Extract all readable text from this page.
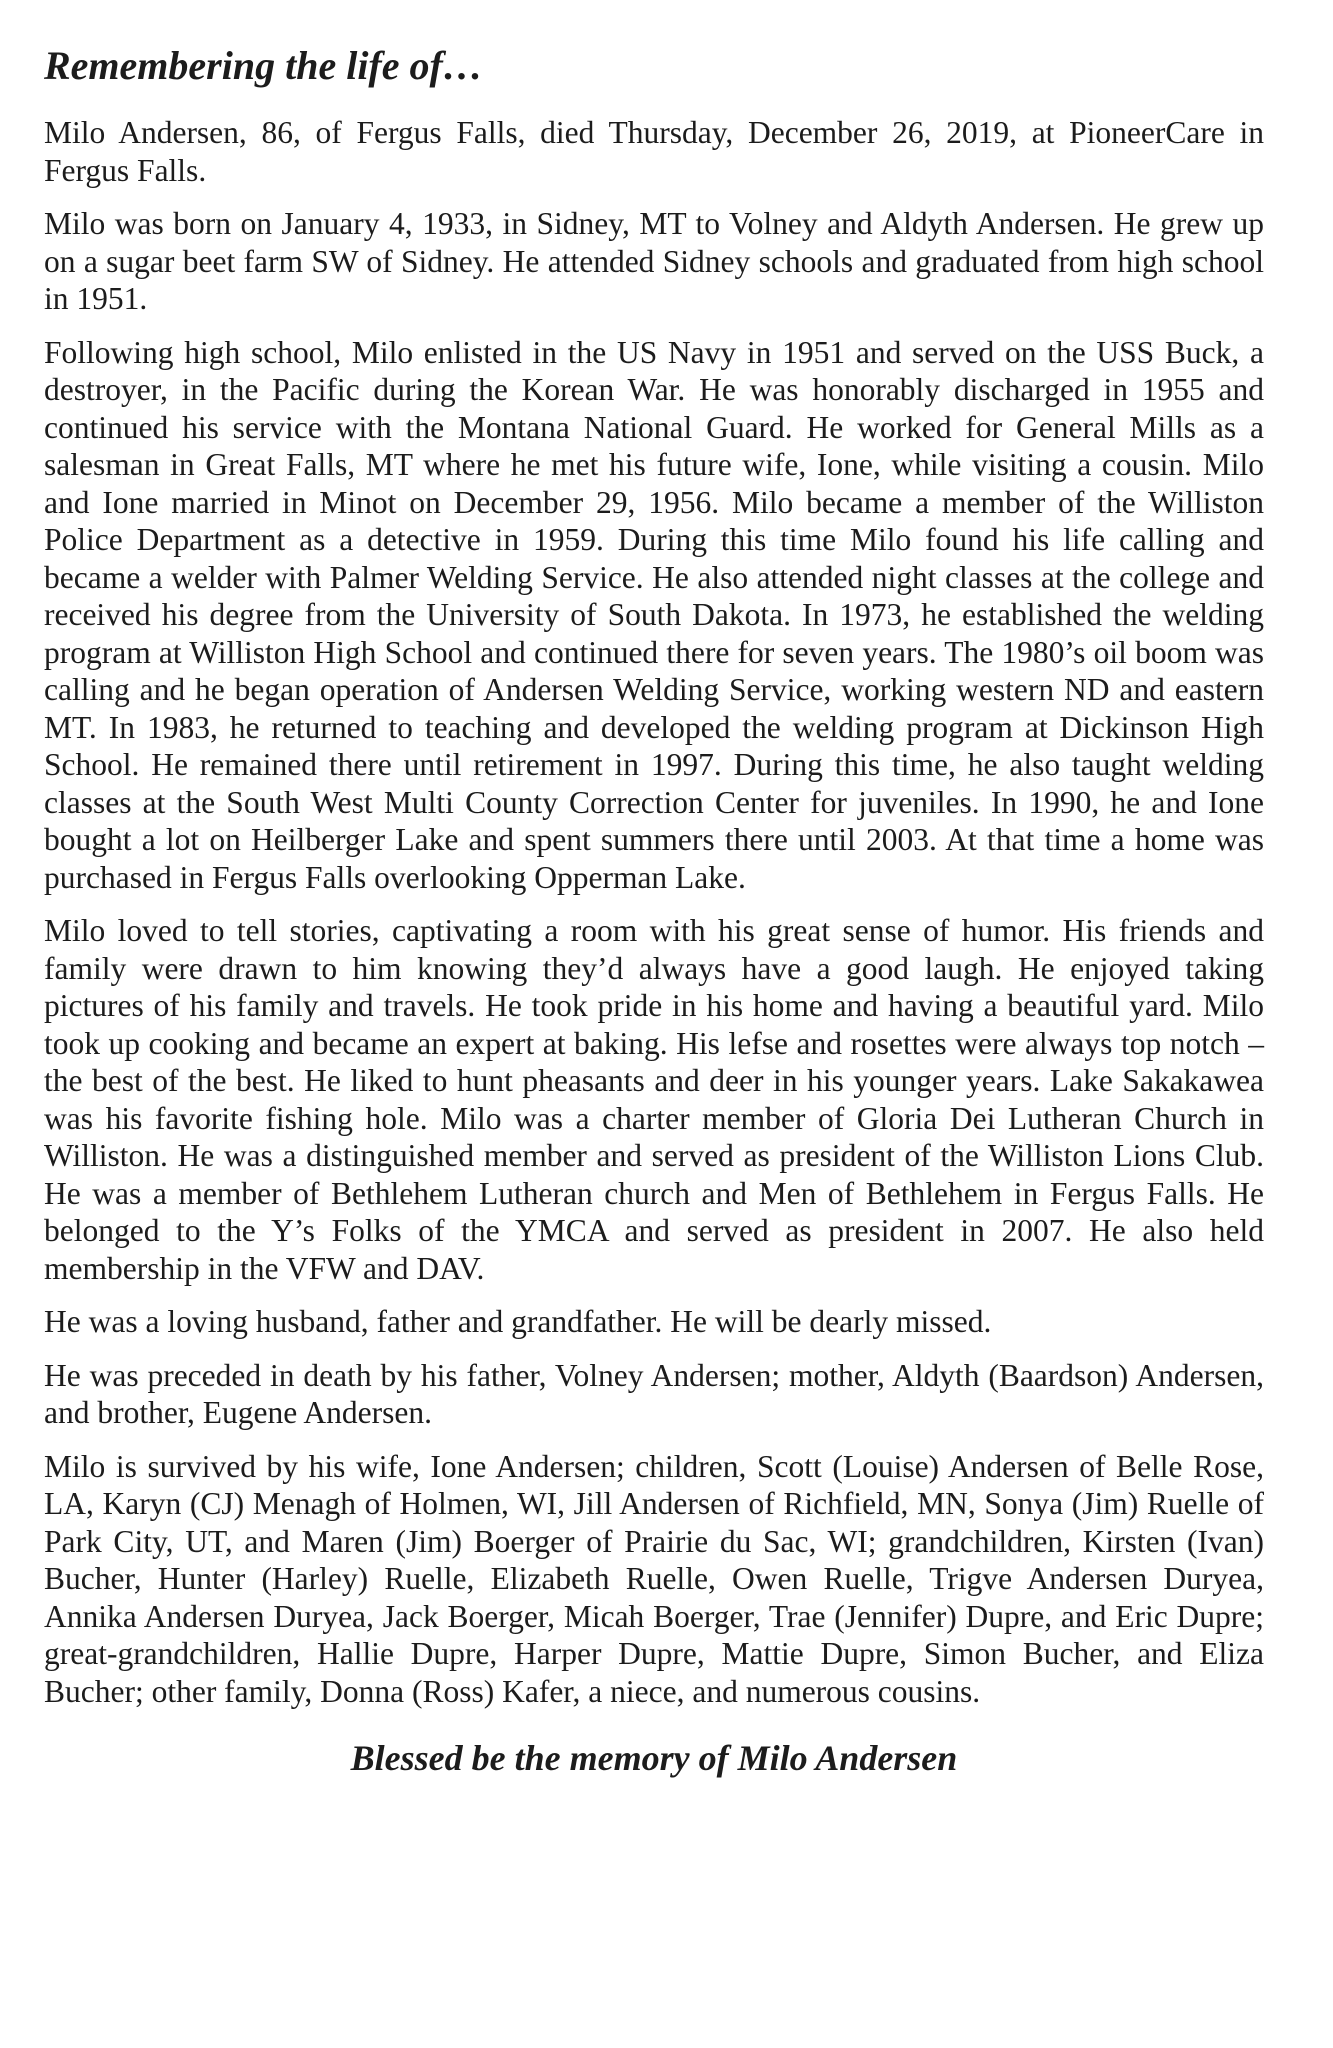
Remembering the life of…

Milo Andersen, 86, of Fergus Falls, died Thursday, December 26, 2019, at PioneerCare in Fergus Falls.

Milo was born on January 4, 1933, in Sidney, MT to Volney and Aldyth Andersen. He grew up on a sugar beet farm SW of Sidney. He attended Sidney schools and graduated from high school in 1951.

Following high school, Milo enlisted in the US Navy in 1951 and served on the USS Buck, a destroyer, in the Pacific during the Korean War. He was honorably discharged in 1955 and continued his service with the Montana National Guard. He worked for General Mills as a salesman in Great Falls, MT where he met his future wife, Ione, while visiting a cousin. Milo and Ione married in Minot on December 29, 1956. Milo became a member of the Williston Police Department as a detective in 1959. During this time Milo found his life calling and became a welder with Palmer Welding Service. He also attended night classes at the college and received his degree from the University of South Dakota. In 1973, he established the welding program at Williston High School and continued there for seven years. The 1980’s oil boom was calling and he began operation of Andersen Welding Service, working western ND and eastern MT. In 1983, he returned to teaching and developed the welding program at Dickinson High School. He remained there until retirement in 1997. During this time, he also taught welding classes at the South West Multi County Correction Center for juveniles. In 1990, he and Ione bought a lot on Heilberger Lake and spent summers there until 2003. At that time a home was purchased in Fergus Falls overlooking Opperman Lake.

Milo loved to tell stories, captivating a room with his great sense of humor. His friends and family were drawn to him knowing they’d always have a good laugh. He enjoyed taking pictures of his family and travels. He took pride in his home and having a beautiful yard. Milo took up cooking and became an expert at baking. His lefse and rosettes were always top notch – the best of the best. He liked to hunt pheasants and deer in his younger years. Lake Sakakawea was his favorite fishing hole. Milo was a charter member of Gloria Dei Lutheran Church in Williston. He was a distinguished member and served as president of the Williston Lions Club. He was a member of Bethlehem Lutheran church and Men of Bethlehem in Fergus Falls. He belonged to the Y’s Folks of the YMCA and served as president in 2007. He also held membership in the VFW and DAV.

He was a loving husband, father and grandfather. He will be dearly missed.

He was preceded in death by his father, Volney Andersen; mother, Aldyth (Baardson) Andersen, and brother, Eugene Andersen.

Milo is survived by his wife, Ione Andersen; children, Scott (Louise) Andersen of Belle Rose, LA, Karyn (CJ) Menagh of Holmen, WI, Jill Andersen of Richfield, MN, Sonya (Jim) Ruelle of Park City, UT, and Maren (Jim) Boerger of Prairie du Sac, WI; grandchildren, Kirsten (Ivan) Bucher, Hunter (Harley) Ruelle, Elizabeth Ruelle, Owen Ruelle, Trigve Andersen Duryea, Annika Andersen Duryea, Jack Boerger, Micah Boerger, Trae (Jennifer) Dupre, and Eric Dupre; great-grandchildren, Hallie Dupre, Harper Dupre, Mattie Dupre, Simon Bucher, and Eliza Bucher; other family, Donna (Ross) Kafer, a niece, and numerous cousins.

Blessed be the memory of Milo Andersen
